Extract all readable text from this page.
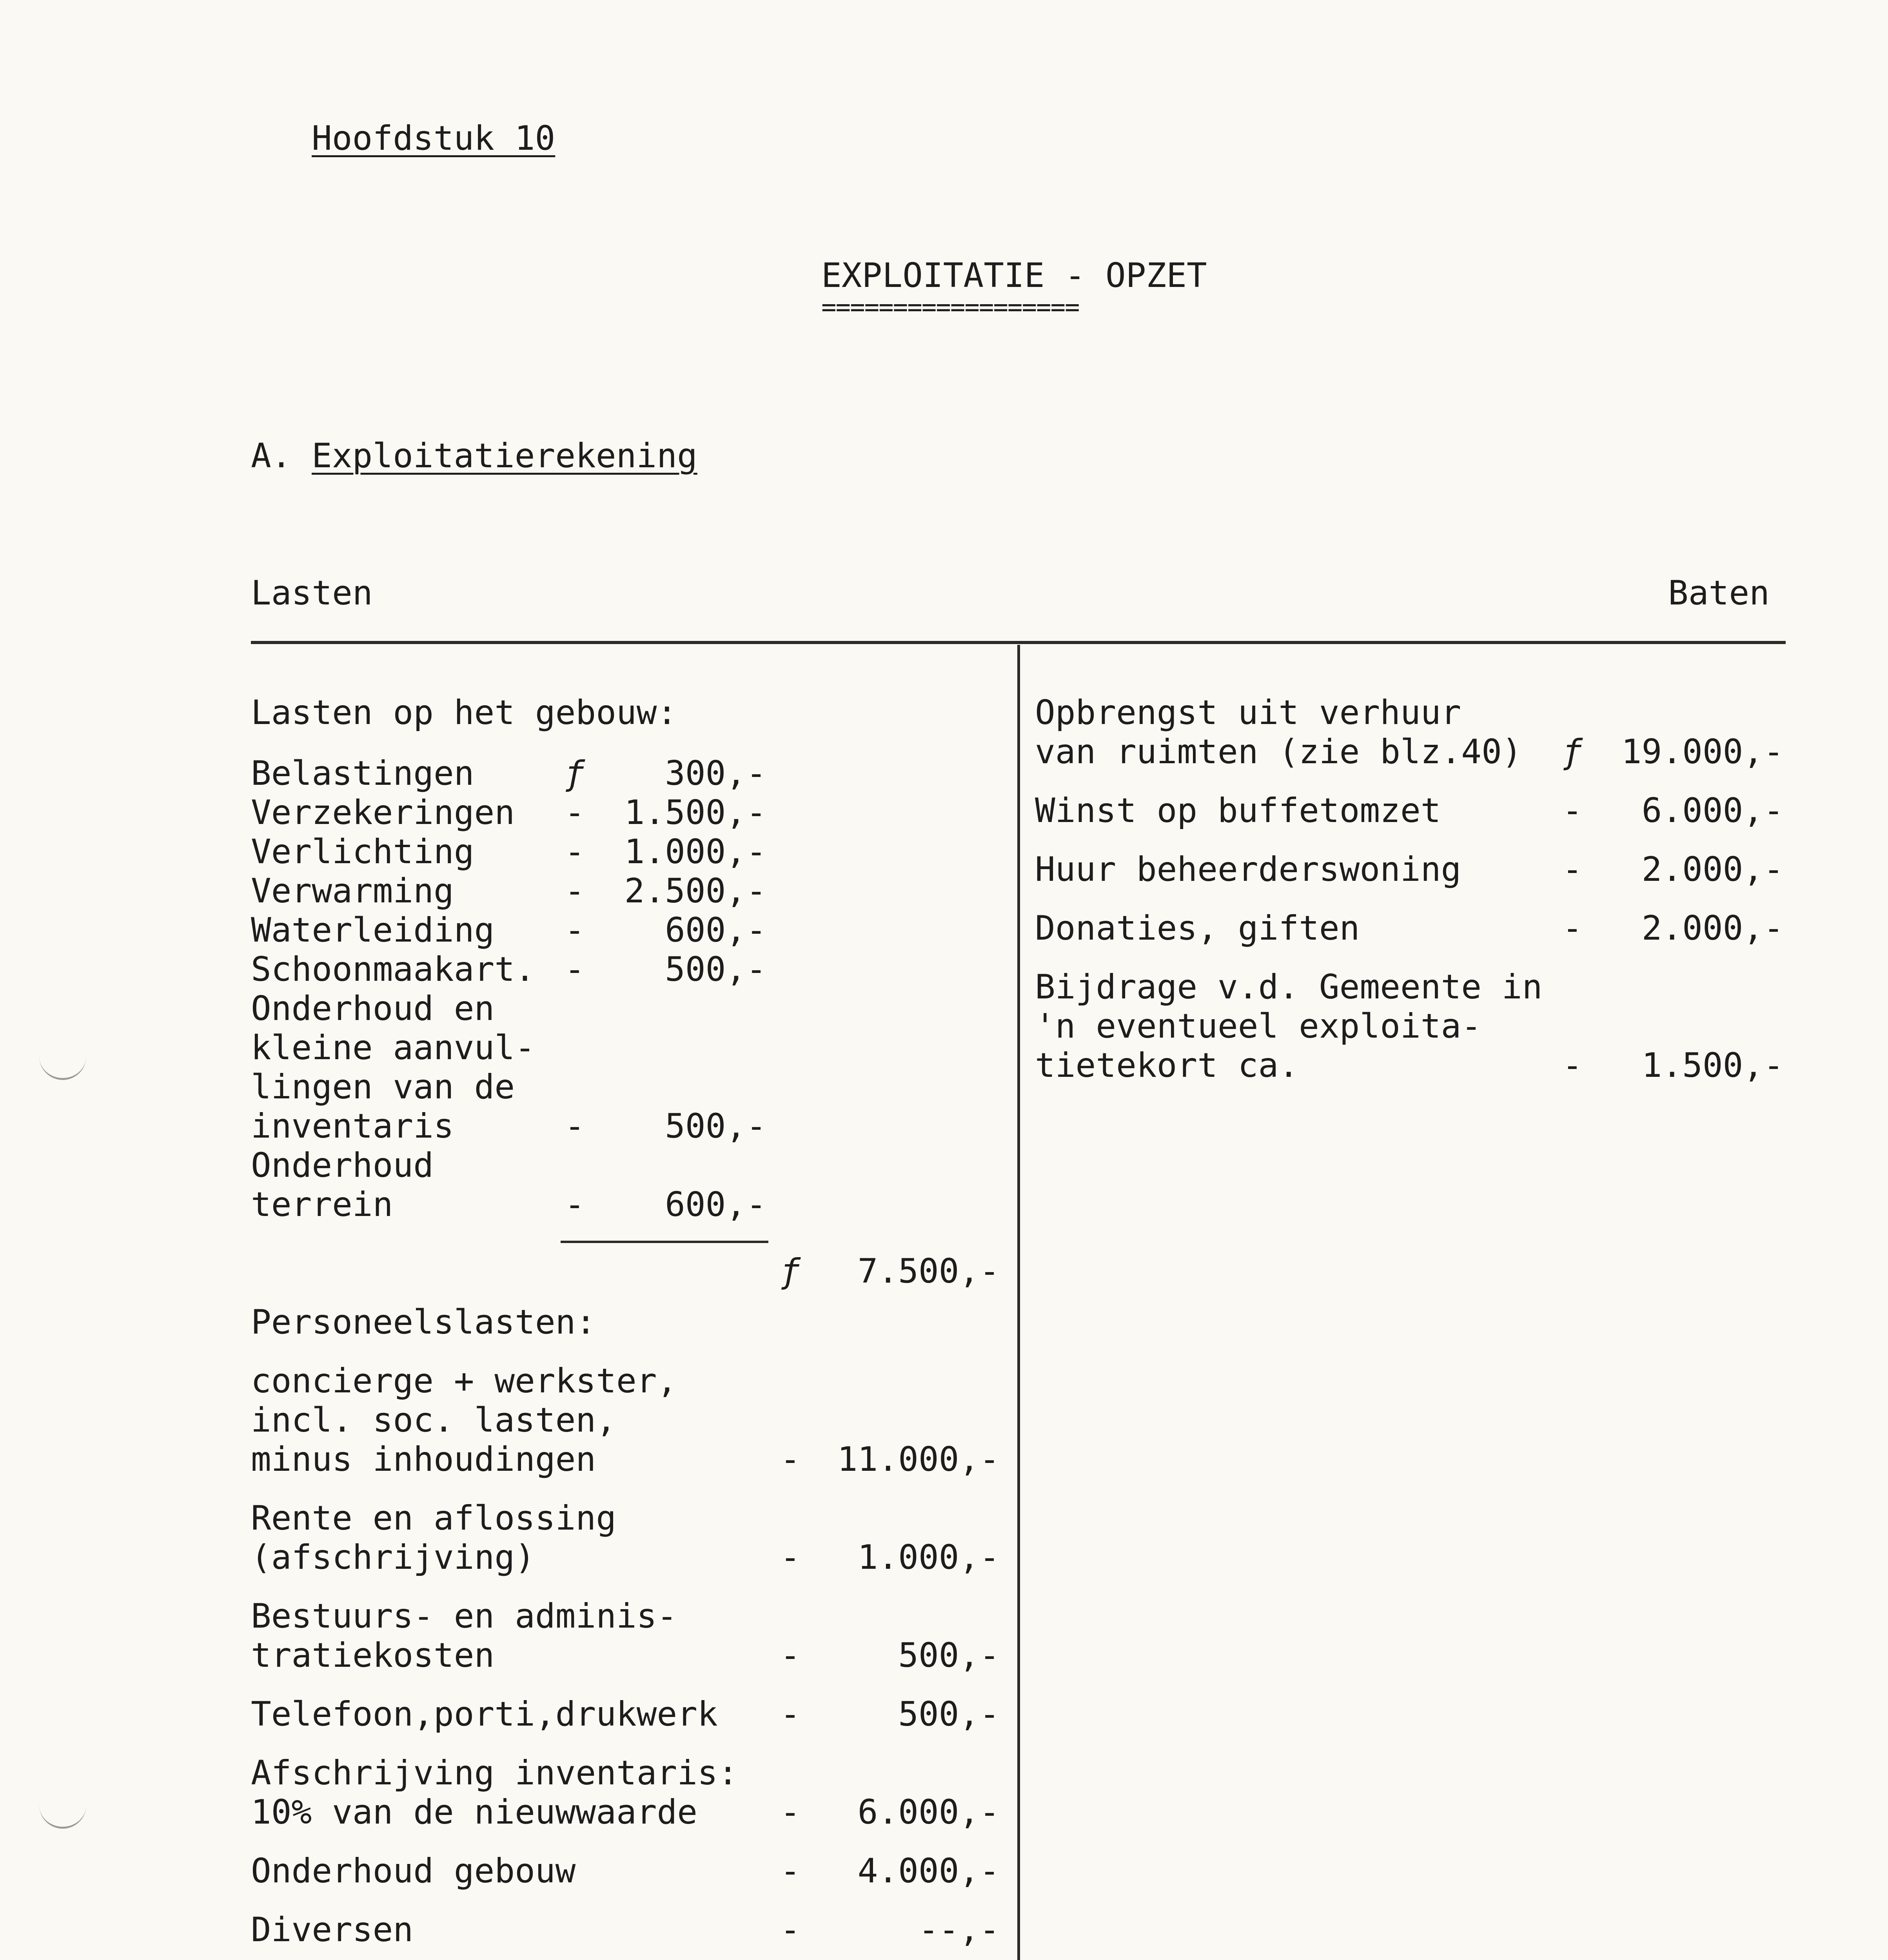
Hoofdstuk 10
EXPLOITATIE - OPZET
==================
A. Exploitatierekening
Lasten	Baten
Lasten op het gebouw:
Belastingen	ƒ	300,-
Verzekeringen -	1.500,-
Verlichting	-	1.000,-
Verwarming	-	2.500,-
Waterleiding -	600,-
Schoonmaakart. -	500,-
Onderhoud en
kleine aanvul-
lingen van de
inventaris	-	500,-
Onderhoud
terrein	-	600,-
ƒ	7.500,-
Personeelslasten:
concierge + werkster,
incl. soc. lasten,
minus inhoudingen	-	11.000,-
Rente en aflossing
(afschrijving)	-	1.000,-
Bestuurs- en adminis-
tratiekosten	-	500,-
Telefoon,porti,drukwerk -	500,-
Afschrijving inventaris:
10% van de nieuwwaarde -	6.000,-
Onderhoud gebouw	-	4.000,-
Diversen	-	--,-
Opbrengst uit verhuur
van ruimten (zie blz.40) ƒ	19.000,-
Winst op buffetomzet	-	6.000,-
Huur beheerderswoning	-	2.000,-
Donaties, giften	-	2.000,-
Bijdrage v.d. Gemeente in
'n eventueel exploita-
tietekort ca.	-	1.500,-
